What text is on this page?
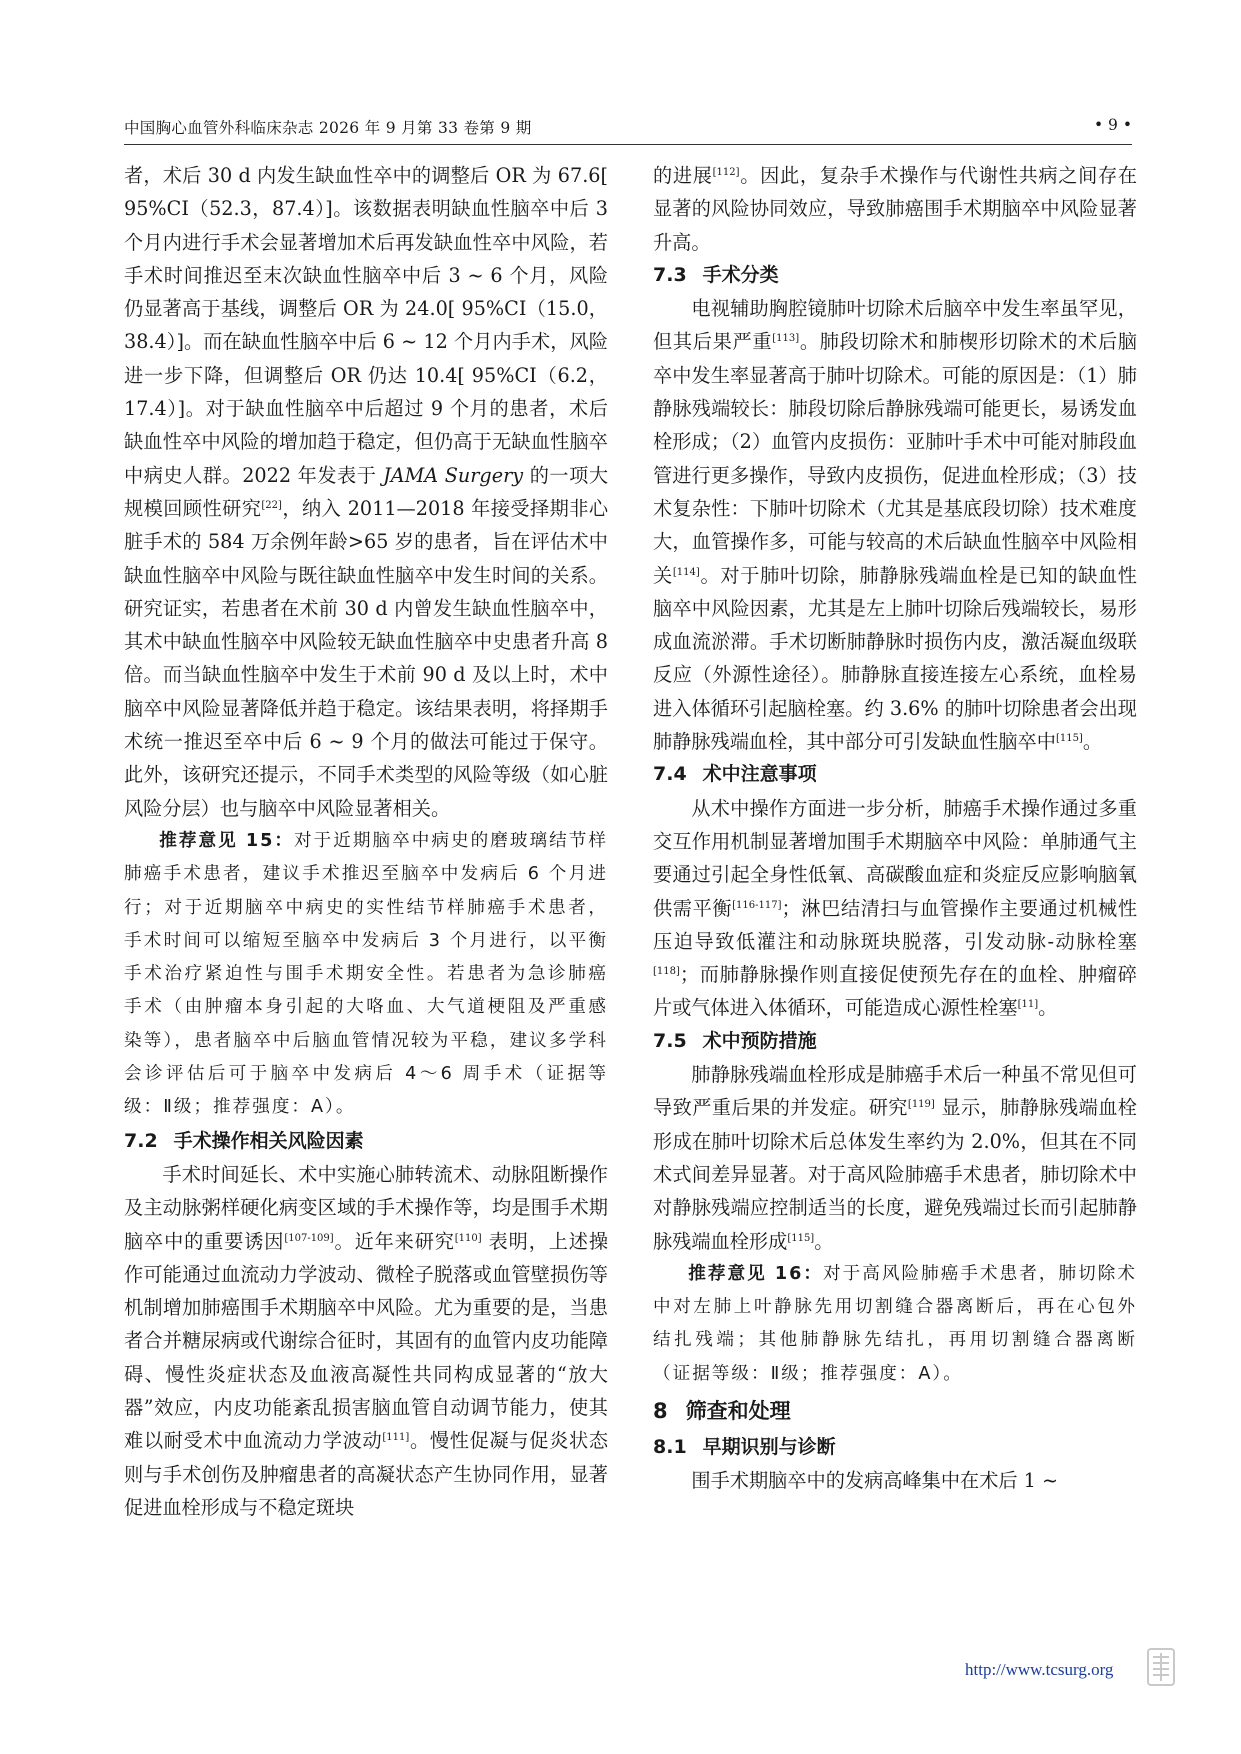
中国胸心血管外科临床杂志 2026 年 9 月第 33 卷第 9 期	• 9 •

者，术后 30 d 内发生缺血性卒中的调整后 OR 为 67.6[ 95%CI（52.3，87.4）]。该数据表明缺血性脑卒中后 3 个月内进行手术会显著增加术后再发缺血性卒中风险，若手术时间推迟至末次缺血性脑卒中后 3 ~ 6 个月，风险仍显著高于基线，调整后 OR 为 24.0[ 95%CI（15.0，38.4）]。而在缺血性脑卒中后 6 ~ 12 个月内手术，风险进一步下降，但调整后 OR 仍达 10.4[ 95%CI（6.2，17.4）]。对于缺血性脑卒中后超过 9 个月的患者，术后缺血性卒中风险的增加趋于稳定，但仍高于无缺血性脑卒中病史人群。2022 年发表于 JAMA Surgery 的一项大规模回顾性研究[22]，纳入 2011—2018 年接受择期非心脏手术的 584 万余例年龄>65 岁的患者，旨在评估术中缺血性脑卒中风险与既往缺血性脑卒中发生时间的关系。研究证实，若患者在术前 30 d 内曾发生缺血性脑卒中，其术中缺血性脑卒中风险较无缺血性脑卒中史患者升高 8 倍。而当缺血性脑卒中发生于术前 90 d 及以上时，术中脑卒中风险显著降低并趋于稳定。该结果表明，将择期手术统一推迟至卒中后 6 ~ 9 个月的做法可能过于保守。此外，该研究还提示，不同手术类型的风险等级（如心脏风险分层）也与脑卒中风险显著相关。

推荐意见 15：对于近期脑卒中病史的磨玻璃结节样肺癌手术患者，建议手术推迟至脑卒中发病后 6 个月进行；对于近期脑卒中病史的实性结节样肺癌手术患者，手术时间可以缩短至脑卒中发病后 3 个月进行，以平衡手术治疗紧迫性与围手术期安全性。若患者为急诊肺癌手术（由肿瘤本身引起的大咯血、大气道梗阻及严重感染等），患者脑卒中后脑血管情况较为平稳，建议多学科会诊评估后可于脑卒中发病后 4～6 周手术（证据等级：Ⅱ级；推荐强度：A）。

7.2 手术操作相关风险因素

手术时间延长、术中实施心肺转流术、动脉阻断操作及主动脉粥样硬化病变区域的手术操作等，均是围手术期脑卒中的重要诱因[107-109]。近年来研究[110] 表明，上述操作可能通过血流动力学波动、微栓子脱落或血管壁损伤等机制增加肺癌围手术期脑卒中风险。尤为重要的是，当患者合并糖尿病或代谢综合征时，其固有的血管内皮功能障碍、慢性炎症状态及血液高凝性共同构成显著的“放大器”效应，内皮功能紊乱损害脑血管自动调节能力，使其难以耐受术中血流动力学波动[111]。慢性促凝与促炎状态则与手术创伤及肿瘤患者的高凝状态产生协同作用，显著促进血栓形成与不稳定斑块

的进展[112]。因此，复杂手术操作与代谢性共病之间存在显著的风险协同效应，导致肺癌围手术期脑卒中风险显著升高。

7.3 手术分类

电视辅助胸腔镜肺叶切除术后脑卒中发生率虽罕见，但其后果严重[113]。肺段切除术和肺楔形切除术的术后脑卒中发生率显著高于肺叶切除术。可能的原因是：（1）肺静脉残端较长：肺段切除后静脉残端可能更长，易诱发血栓形成；（2）血管内皮损伤：亚肺叶手术中可能对肺段血管进行更多操作，导致内皮损伤，促进血栓形成；（3）技术复杂性：下肺叶切除术（尤其是基底段切除）技术难度大，血管操作多，可能与较高的术后缺血性脑卒中风险相关[114]。对于肺叶切除，肺静脉残端血栓是已知的缺血性脑卒中风险因素，尤其是左上肺叶切除后残端较长，易形成血流淤滞。手术切断肺静脉时损伤内皮，激活凝血级联反应（外源性途径）。肺静脉直接连接左心系统，血栓易进入体循环引起脑栓塞。约 3.6% 的肺叶切除患者会出现肺静脉残端血栓，其中部分可引发缺血性脑卒中[115]。

7.4 术中注意事项

从术中操作方面进一步分析，肺癌手术操作通过多重交互作用机制显著增加围手术期脑卒中风险：单肺通气主要通过引起全身性低氧、高碳酸血症和炎症反应影响脑氧供需平衡[116-117]；淋巴结清扫与血管操作主要通过机械性压迫导致低灌注和动脉斑块脱落，引发动脉-动脉栓塞[118]；而肺静脉操作则直接促使预先存在的血栓、肿瘤碎片或气体进入体循环，可能造成心源性栓塞[11]。

7.5 术中预防措施

肺静脉残端血栓形成是肺癌手术后一种虽不常见但可导致严重后果的并发症。研究[119] 显示，肺静脉残端血栓形成在肺叶切除术后总体发生率约为 2.0%，但其在不同术式间差异显著。对于高风险肺癌手术患者，肺切除术中对静脉残端应控制适当的长度，避免残端过长而引起肺静脉残端血栓形成[115]。

推荐意见 16：对于高风险肺癌手术患者，肺切除术中对左肺上叶静脉先用切割缝合器离断后，再在心包外结扎残端；其他肺静脉先结扎，再用切割缝合器离断（证据等级：Ⅱ级；推荐强度：A）。

8 筛查和处理

8.1 早期识别与诊断

围手术期脑卒中的发病高峰集中在术后 1 ~

http://www.tcsurg.org
